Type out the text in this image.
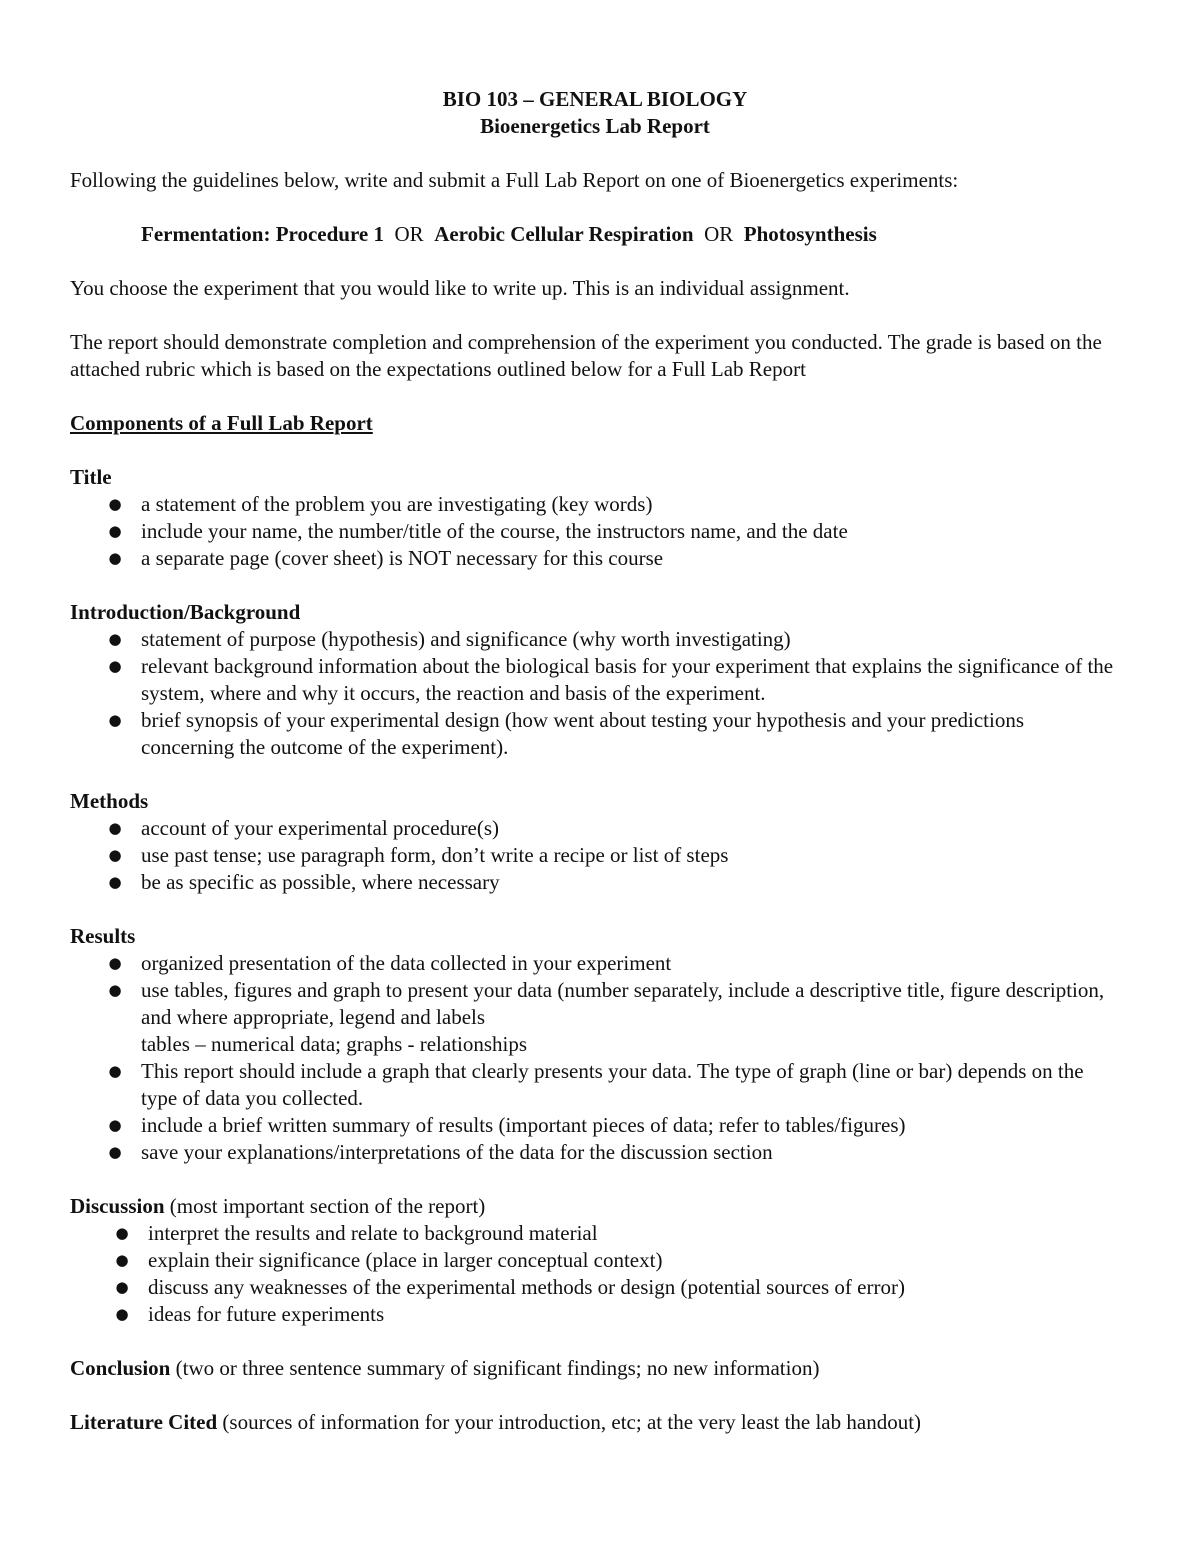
BIO 103 – GENERAL BIOLOGY

Bioenergetics Lab Report

Following the guidelines below, write and submit a Full Lab Report on one of Bioenergetics experiments:

Fermentation: Procedure 1 OR Aerobic Cellular Respiration OR Photosynthesis

You choose the experiment that you would like to write up. This is an individual assignment.

The report should demonstrate completion and comprehension of the experiment you conducted. The grade is based on the attached rubric which is based on the expectations outlined below for a Full Lab Report

Components of a Full Lab Report

Title

● a statement of the problem you are investigating (key words)
● include your name, the number/title of the course, the instructors name, and the date
● a separate page (cover sheet) is NOT necessary for this course

Introduction/Background

● statement of purpose (hypothesis) and significance (why worth investigating)
● relevant background information about the biological basis for your experiment that explains the significance of the system, where and why it occurs, the reaction and basis of the experiment.
● brief synopsis of your experimental design (how went about testing your hypothesis and your predictions concerning the outcome of the experiment).

Methods

● account of your experimental procedure(s)
● use past tense; use paragraph form, don’t write a recipe or list of steps
● be as specific as possible, where necessary

Results

● organized presentation of the data collected in your experiment
● use tables, figures and graph to present your data (number separately, include a descriptive title, figure description, and where appropriate, legend and labels

tables – numerical data; graphs - relationships

● This report should include a graph that clearly presents your data. The type of graph (line or bar) depends on the type of data you collected.
● include a brief written summary of results (important pieces of data; refer to tables/figures)
● save your explanations/interpretations of the data for the discussion section

Discussion (most important section of the report)

● interpret the results and relate to background material
● explain their significance (place in larger conceptual context)
● discuss any weaknesses of the experimental methods or design (potential sources of error)
● ideas for future experiments

Conclusion (two or three sentence summary of significant findings; no new information)

Literature Cited (sources of information for your introduction, etc; at the very least the lab handout)
